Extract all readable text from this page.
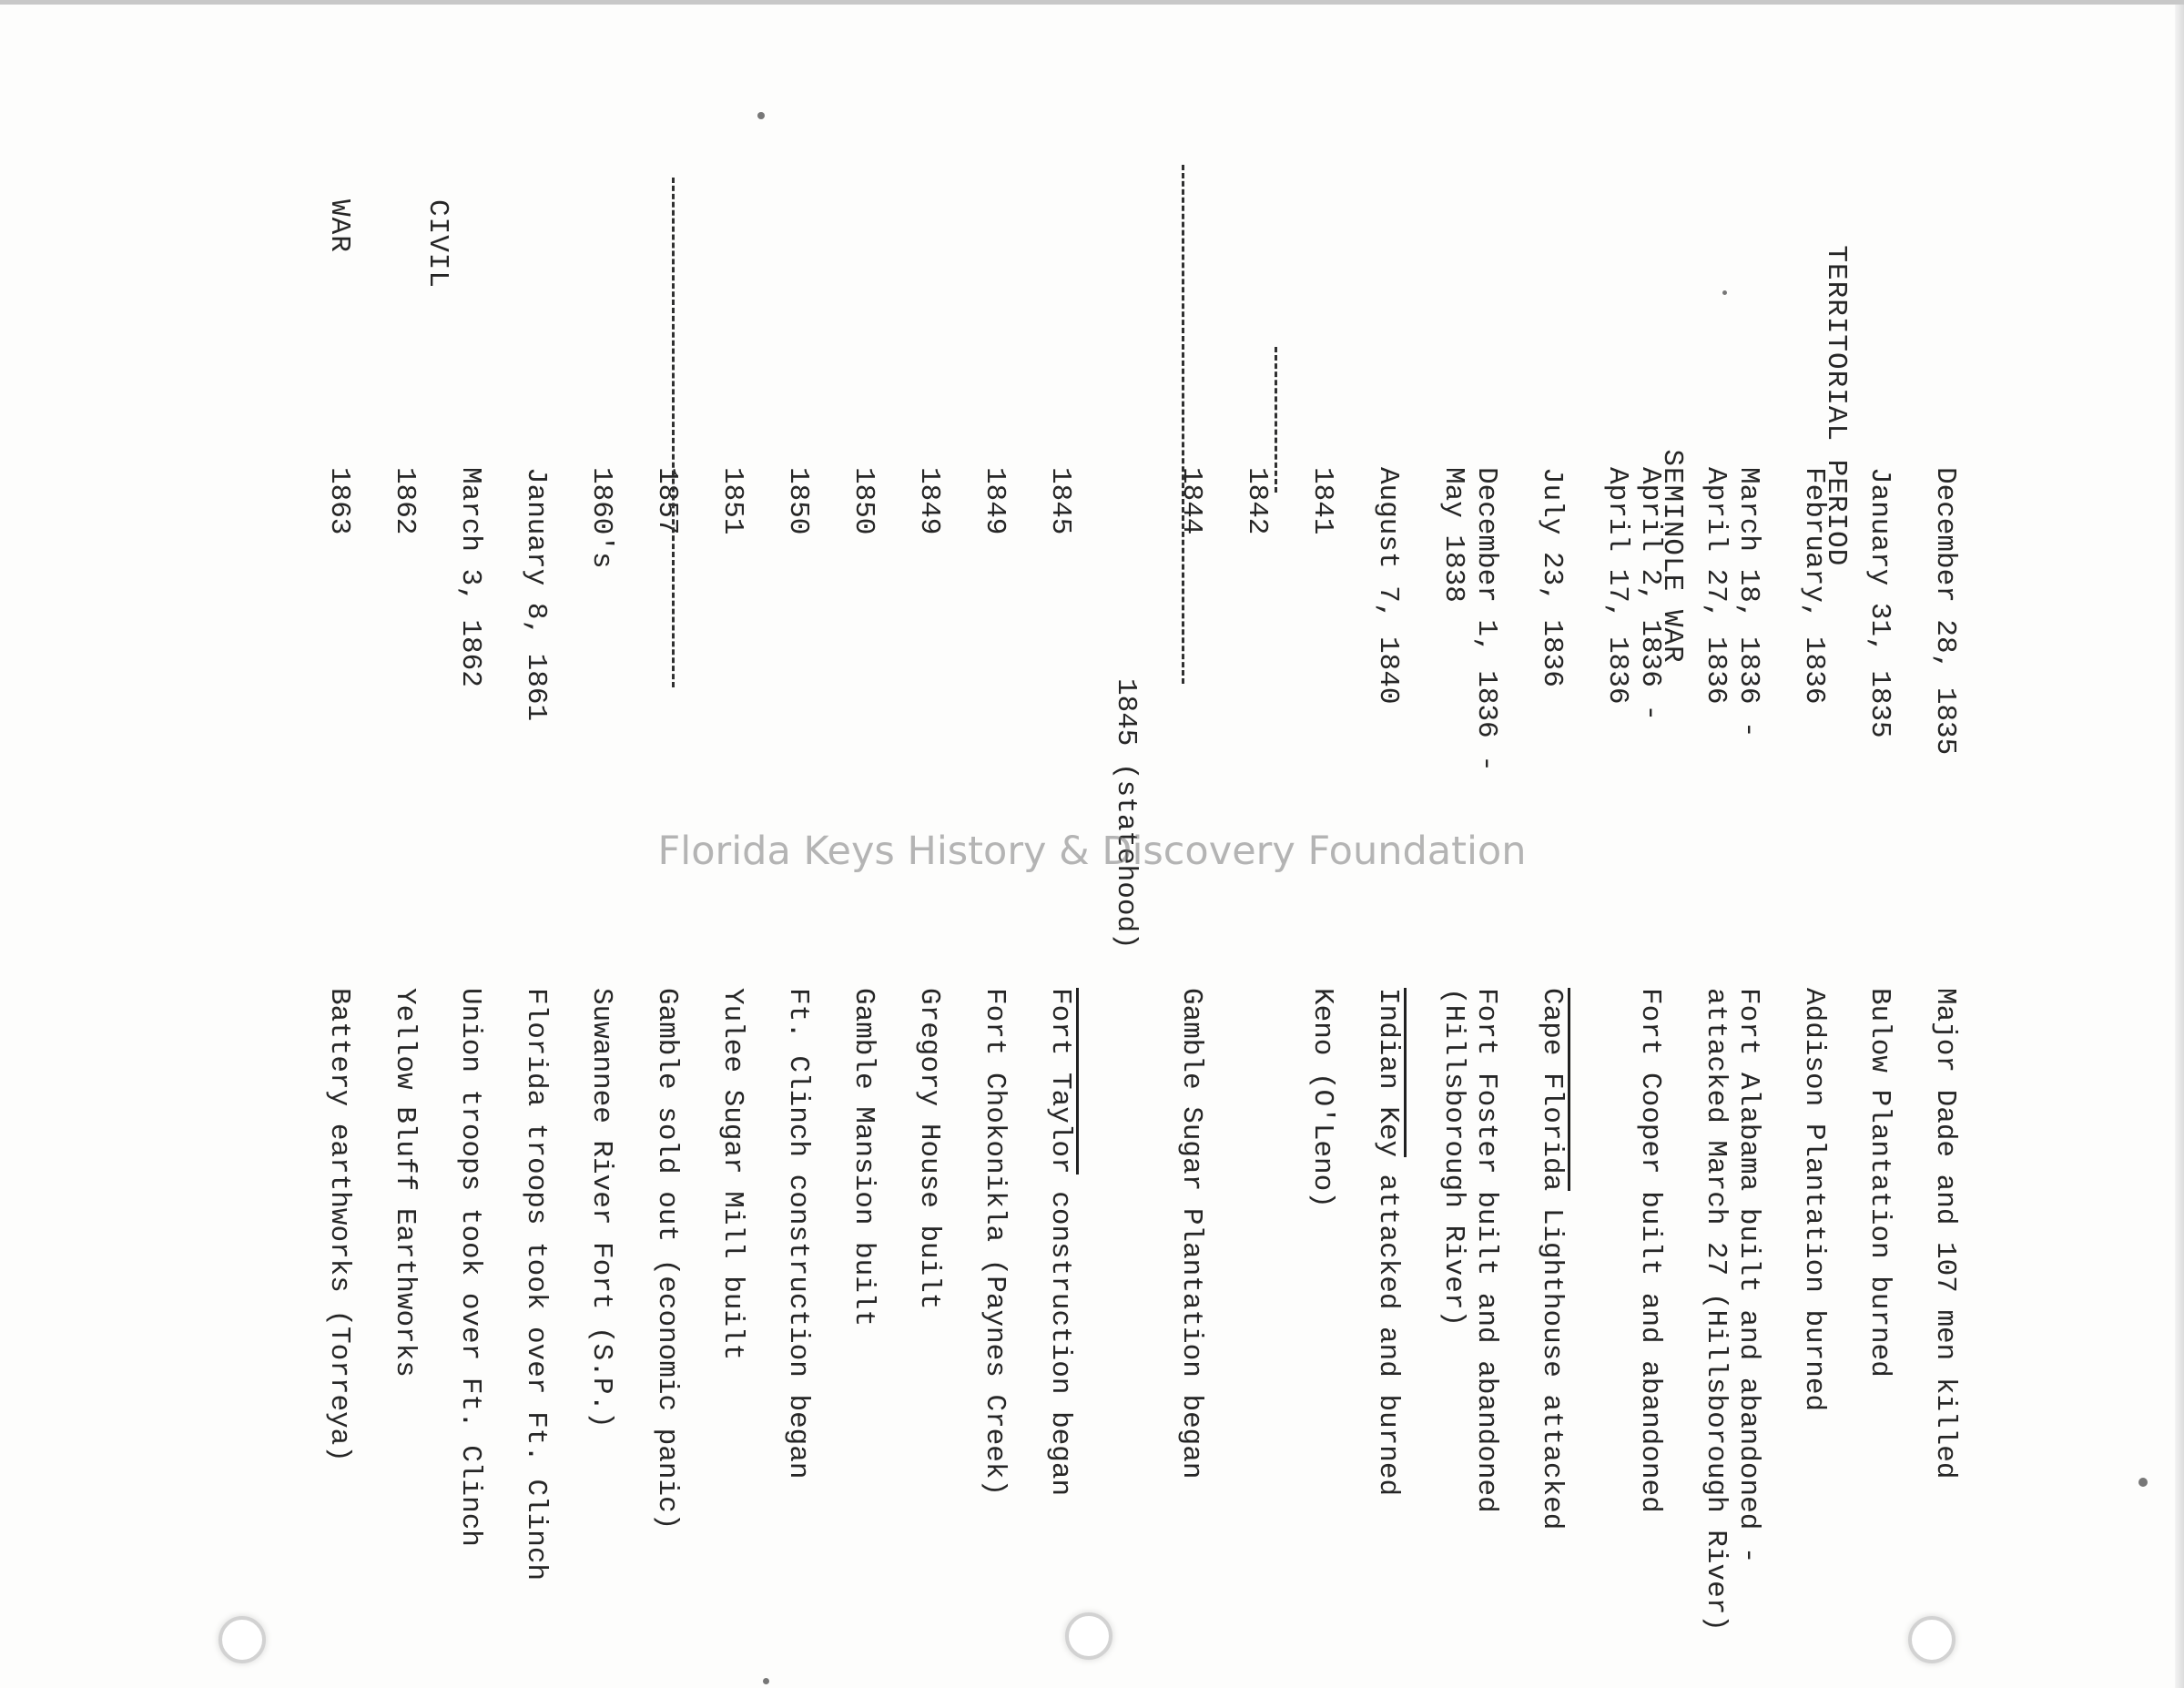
TERRITORIAL PERIOD

SEMINOLE WAR

CIVIL

WAR

December 28, 1835
January 31, 1835
February, 1836
March 18, 1836 -
April 27, 1836
April 2, 1836 -
April 17, 1836
July 23, 1836
December 1, 1836 -
May 1838
August 7, 1840
1841
1842
1844
1845 (statehood)
1845
1849
1849
1850
1850
1851
1857
1860's
January 8, 1861
March 3, 1862
1862
1863

Major Dade and 107 men killed
Bulow Plantation burned
Addison Plantation burned
Fort Alabama built and abandoned -
attacked March 27 (Hillsborough River)
Fort Cooper built and abandoned
Cape Florida Lighthouse attacked
Fort Foster built and abandoned
(Hillsborough River)
Indian Key attacked and burned
Keno (O'Leno)
Gamble Sugar Plantation began
Fort Taylor construction began
Fort Chokonikla (Paynes Creek)
Gregory House built
Gamble Mansion built
Ft. Clinch construction began
Yulee Sugar Mill built
Gamble sold out (economic panic)
Suwannee River Fort (S.P.)
Florida troops took over Ft. Clinch
Union troops took over Ft. Clinch
Yellow Bluff Earthworks
Battery earthworks (Torreya)

Florida Keys History & Discovery Foundation
